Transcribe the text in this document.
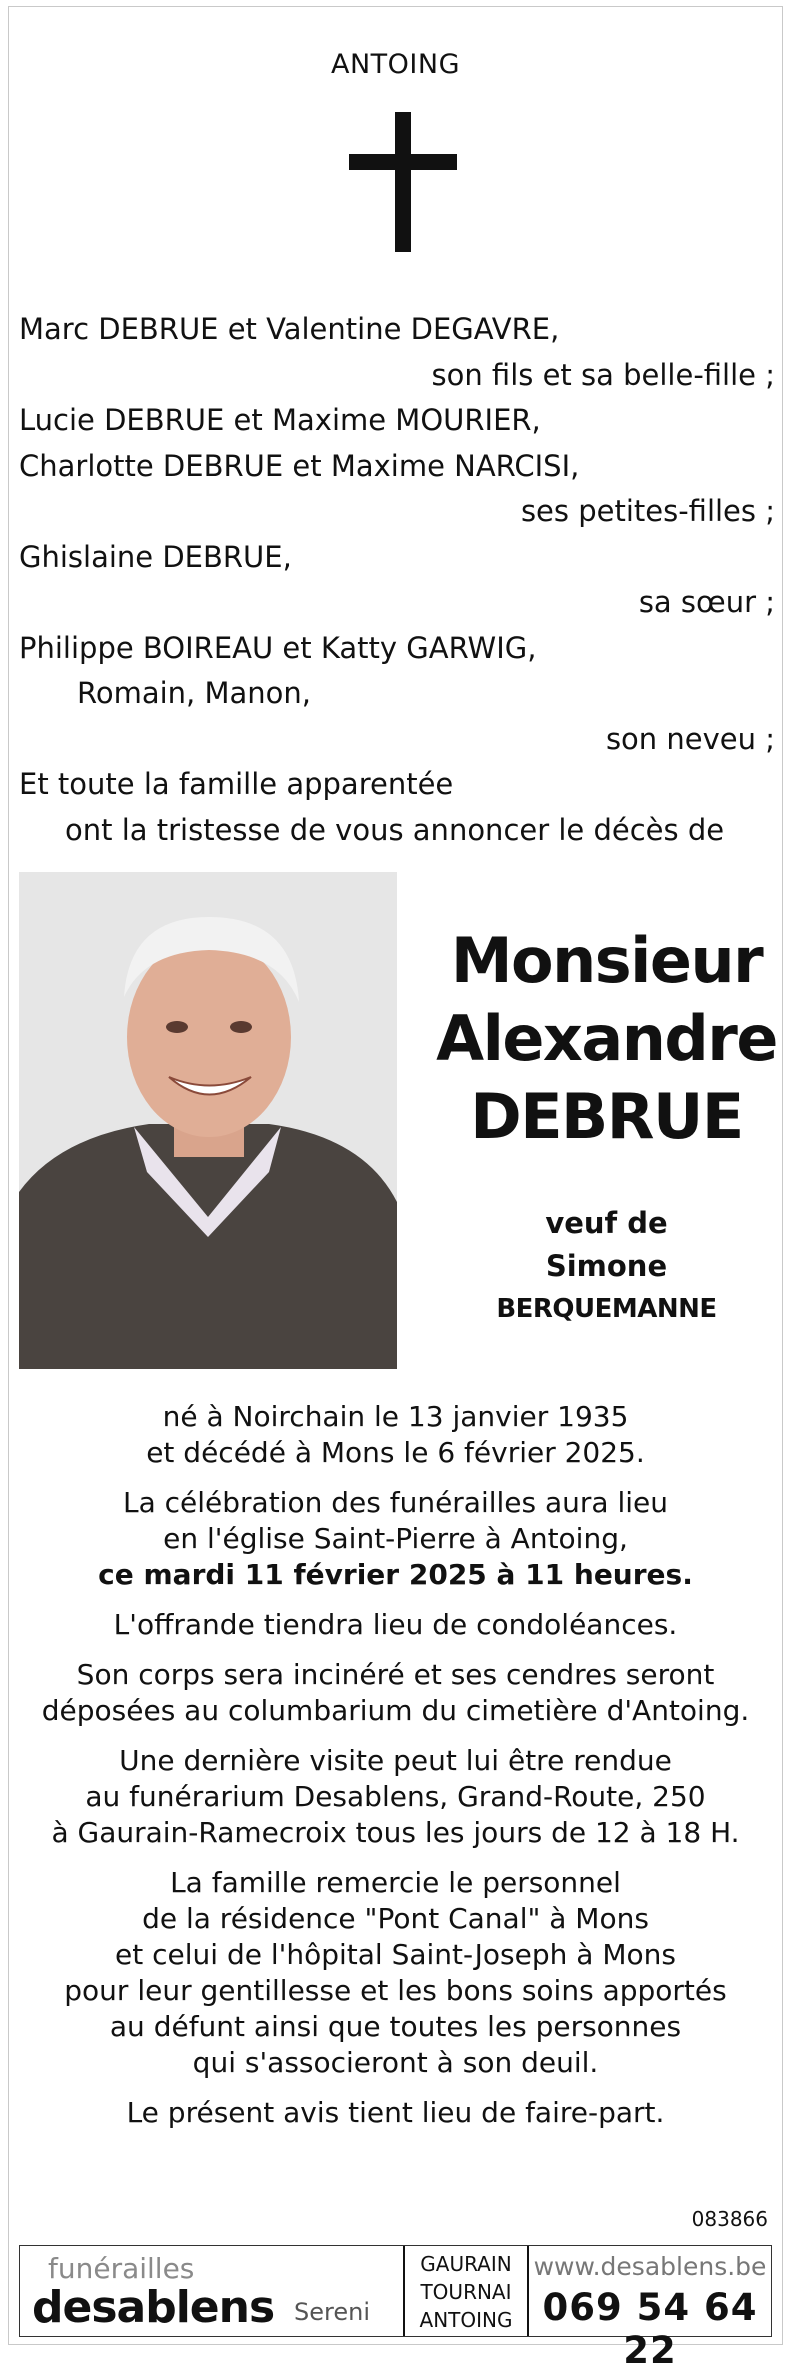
ANTOING
Marc DEBRUE et Valentine DEGAVRE,
son fils et sa belle-fille ;
Lucie DEBRUE et Maxime MOURIER,
Charlotte DEBRUE et Maxime NARCISI,
ses petites-filles ;
Ghislaine DEBRUE,
sa sœur ;
Philippe BOIREAU et Katty GARWIG,
Romain, Manon,
son neveu ;
Et toute la famille apparentée
ont la tristesse de vous annoncer le décès de
Monsieur
Alexandre
DEBRUE
veuf de
Simone
BERQUEMANNE

né à Noirchain le 13 janvier 1935
et décédé à Mons le 6 février 2025.

La célébration des funérailles aura lieu
en l'église Saint-Pierre à Antoing,
ce mardi 11 février 2025 à 11 heures.

L'offrande tiendra lieu de condoléances.

Son corps sera incinéré et ses cendres seront
déposées au columbarium du cimetière d'Antoing.

Une dernière visite peut lui être rendue
au funérarium Desablens, Grand-Route, 250
à Gaurain-Ramecroix tous les jours de 12 à 18 H.

La famille remercie le personnel
de la résidence "Pont Canal" à Mons
et celui de l'hôpital Saint-Joseph à Mons
pour leur gentillesse et les bons soins apportés
au défunt ainsi que toutes les personnes
qui s'associeront à son deuil.

Le présent avis tient lieu de faire-part.

083866
funérailles
desablens Sereni
GAURAIN
TOURNAI
ANTOING
www.desablens.be
069 54 64 22
